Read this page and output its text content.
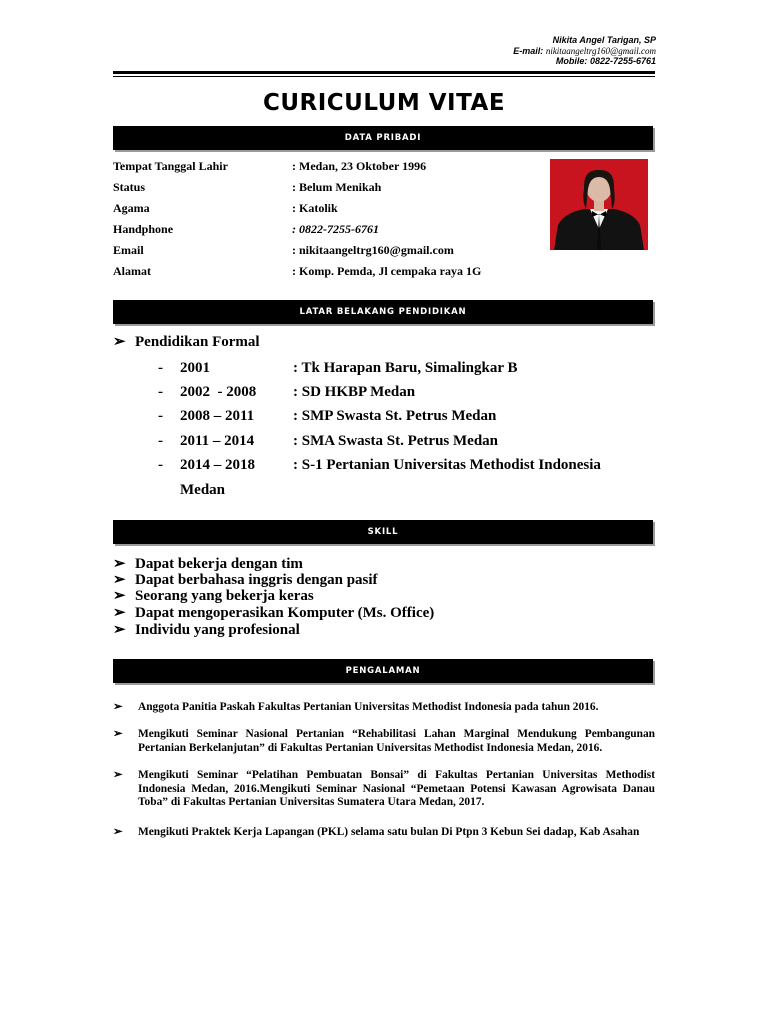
Nikita Angel Tarigan, SP
E-mail: nikitaangeltrg160@gmail.com
Mobile: 0822-7255-6761
CURICULUM VITAE
DATA PRIBADI
Tempat Tanggal Lahir	: Medan, 23 Oktober 1996
Status	: Belum Menikah
Agama	: Katolik
Handphone	: 0822-7255-6761
Email	: nikitaangeltrg160@gmail.com
Alamat	: Komp. Pemda, Jl cempaka raya 1G
LATAR BELAKANG PENDIDIKAN
➢ Pendidikan Formal
- 2001	: Tk Harapan Baru, Simalingkar B
- 2002  - 2008 : SD HKBP Medan
- 2008 – 2011	: SMP Swasta St. Petrus Medan
- 2011 – 2014	: SMA Swasta St. Petrus Medan
- 2014 – 2018	: S-1 Pertanian Universitas Methodist Indonesia
Medan
SKILL
➢ Dapat bekerja dengan tim
➢ Dapat berbahasa inggris dengan pasif
➢ Seorang yang bekerja keras
➢ Dapat mengoperasikan Komputer (Ms. Office)
➢ Individu yang profesional
PENGALAMAN
➢ Anggota Panitia Paskah Fakultas Pertanian Universitas Methodist Indonesia pada tahun 2016.
➢ Mengikuti Seminar Nasional Pertanian “Rehabilitasi Lahan Marginal Mendukung Pembangunan Pertanian Berkelanjutan” di Fakultas Pertanian Universitas Methodist Indonesia Medan, 2016.
➢ Mengikuti Seminar “Pelatihan Pembuatan Bonsai” di Fakultas Pertanian Universitas Methodist Indonesia Medan, 2016.Mengikuti Seminar Nasional “Pemetaan Potensi Kawasan Agrowisata Danau Toba” di Fakultas Pertanian Universitas Sumatera Utara Medan, 2017.
➢ Mengikuti Praktek Kerja Lapangan (PKL) selama satu bulan Di Ptpn 3 Kebun Sei dadap, Kab Asahan
